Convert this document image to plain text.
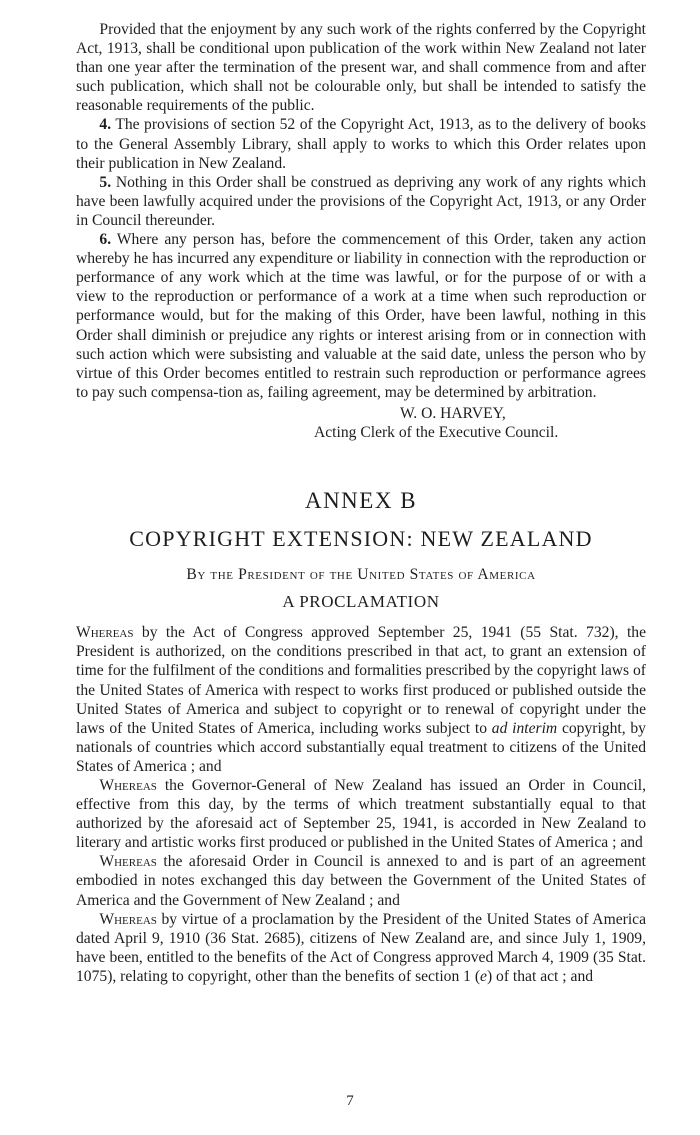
Provided that the enjoyment by any such work of the rights conferred by the Copyright Act, 1913, shall be conditional upon publication of the work within New Zealand not later than one year after the termination of the present war, and shall commence from and after such publication, which shall not be colourable only, but shall be intended to satisfy the reasonable requirements of the public.

4. The provisions of section 52 of the Copyright Act, 1913, as to the delivery of books to the General Assembly Library, shall apply to works to which this Order relates upon their publication in New Zealand.

5. Nothing in this Order shall be construed as depriving any work of any rights which have been lawfully acquired under the provisions of the Copyright Act, 1913, or any Order in Council thereunder.

6. Where any person has, before the commencement of this Order, taken any action whereby he has incurred any expenditure or liability in connection with the reproduction or performance of any work which at the time was lawful, or for the purpose of or with a view to the reproduction or performance of a work at a time when such reproduction or performance would, but for the making of this Order, have been lawful, nothing in this Order shall diminish or prejudice any rights or interest arising from or in connection with such action which were subsisting and valuable at the said date, unless the person who by virtue of this Order becomes entitled to restrain such reproduction or performance agrees to pay such compensa-tion as, failing agreement, may be determined by arbitration.

W. O. HARVEY,
Acting Clerk of the Executive Council.
ANNEX B
COPYRIGHT EXTENSION: NEW ZEALAND
By the President of the United States of America
A PROCLAMATION

Whereas by the Act of Congress approved September 25, 1941 (55 Stat. 732), the President is authorized, on the conditions prescribed in that act, to grant an extension of time for the fulfilment of the conditions and formalities prescribed by the copyright laws of the United States of America with respect to works first produced or published outside the United States of America and subject to copyright or to renewal of copyright under the laws of the United States of America, including works subject to ad interim copyright, by nationals of countries which accord substantially equal treatment to citizens of the United States of America ; and

Whereas the Governor-General of New Zealand has issued an Order in Council, effective from this day, by the terms of which treatment substantially equal to that authorized by the aforesaid act of September 25, 1941, is accorded in New Zealand to literary and artistic works first produced or published in the United States of America ; and

Whereas the aforesaid Order in Council is annexed to and is part of an agreement embodied in notes exchanged this day between the Government of the United States of America and the Government of New Zealand ; and

Whereas by virtue of a proclamation by the President of the United States of America dated April 9, 1910 (36 Stat. 2685), citizens of New Zealand are, and since July 1, 1909, have been, entitled to the benefits of the Act of Congress approved March 4, 1909 (35 Stat. 1075), relating to copyright, other than the benefits of section 1 (e) of that act ; and

7
